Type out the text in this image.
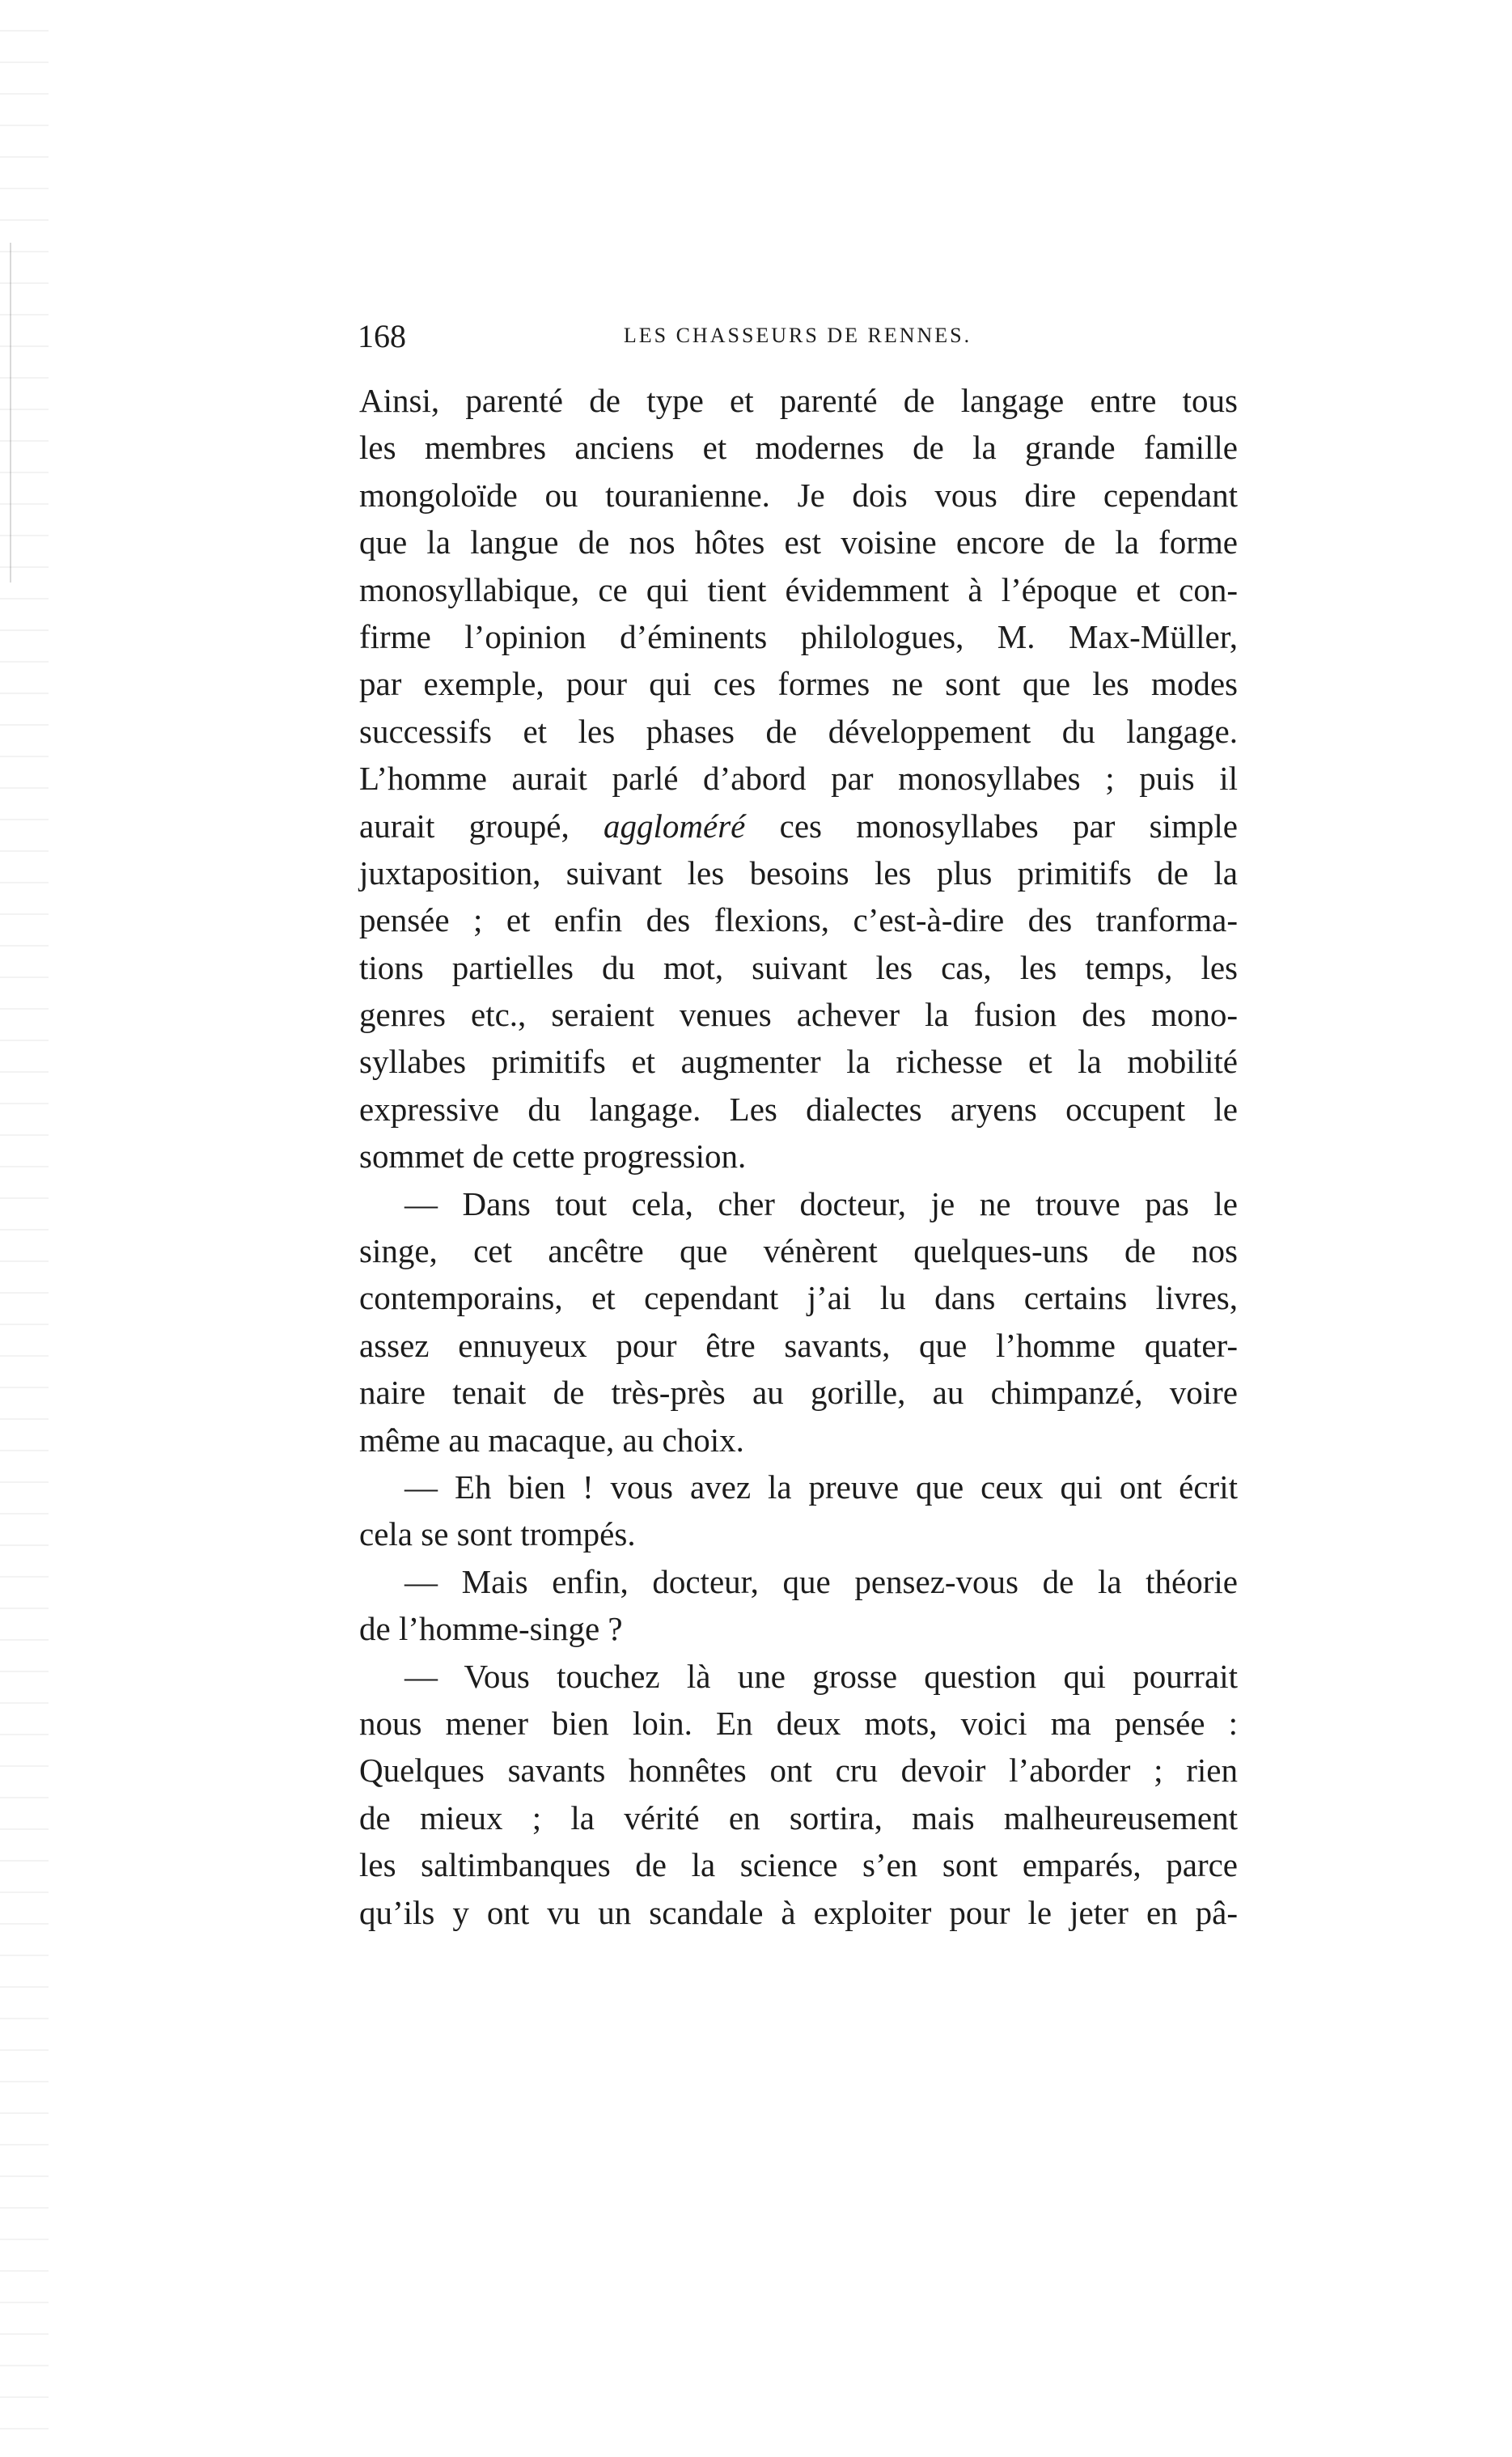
168	LES CHASSEURS DE RENNES.
Ainsi, parenté de type et parenté de langage entre tous
les membres anciens et modernes de la grande famille
mongoloïde ou touranienne. Je dois vous dire cependant
que la langue de nos hôtes est voisine encore de la forme
monosyllabique, ce qui tient évidemment à l’époque et con-
firme l’opinion d’éminents philologues, M. Max-Müller,
par exemple, pour qui ces formes ne sont que les modes
successifs et les phases de développement du langage.
L’homme aurait parlé d’abord par monosyllabes ; puis il
aurait groupé, aggloméré ces monosyllabes par simple
juxtaposition, suivant les besoins les plus primitifs de la
pensée ; et enfin des flexions, c’est-à-dire des tranforma-
tions partielles du mot, suivant les cas, les temps, les
genres etc., seraient venues achever la fusion des mono-
syllabes primitifs et augmenter la richesse et la mobilité
expressive du langage. Les dialectes aryens occupent le
sommet de cette progression.
— Dans tout cela, cher docteur, je ne trouve pas le
singe, cet ancêtre que vénèrent quelques-uns de nos
contemporains, et cependant j’ai lu dans certains livres,
assez ennuyeux pour être savants, que l’homme quater-
naire tenait de très-près au gorille, au chimpanzé, voire
même au macaque, au choix.
— Eh bien ! vous avez la preuve que ceux qui ont écrit
cela se sont trompés.
— Mais enfin, docteur, que pensez-vous de la théorie
de l’homme-singe ?
— Vous touchez là une grosse question qui pourrait
nous mener bien loin. En deux mots, voici ma pensée :
Quelques savants honnêtes ont cru devoir l’aborder ; rien
de mieux ; la vérité en sortira, mais malheureusement
les saltimbanques de la science s’en sont emparés, parce
qu’ils y ont vu un scandale à exploiter pour le jeter en pâ-
